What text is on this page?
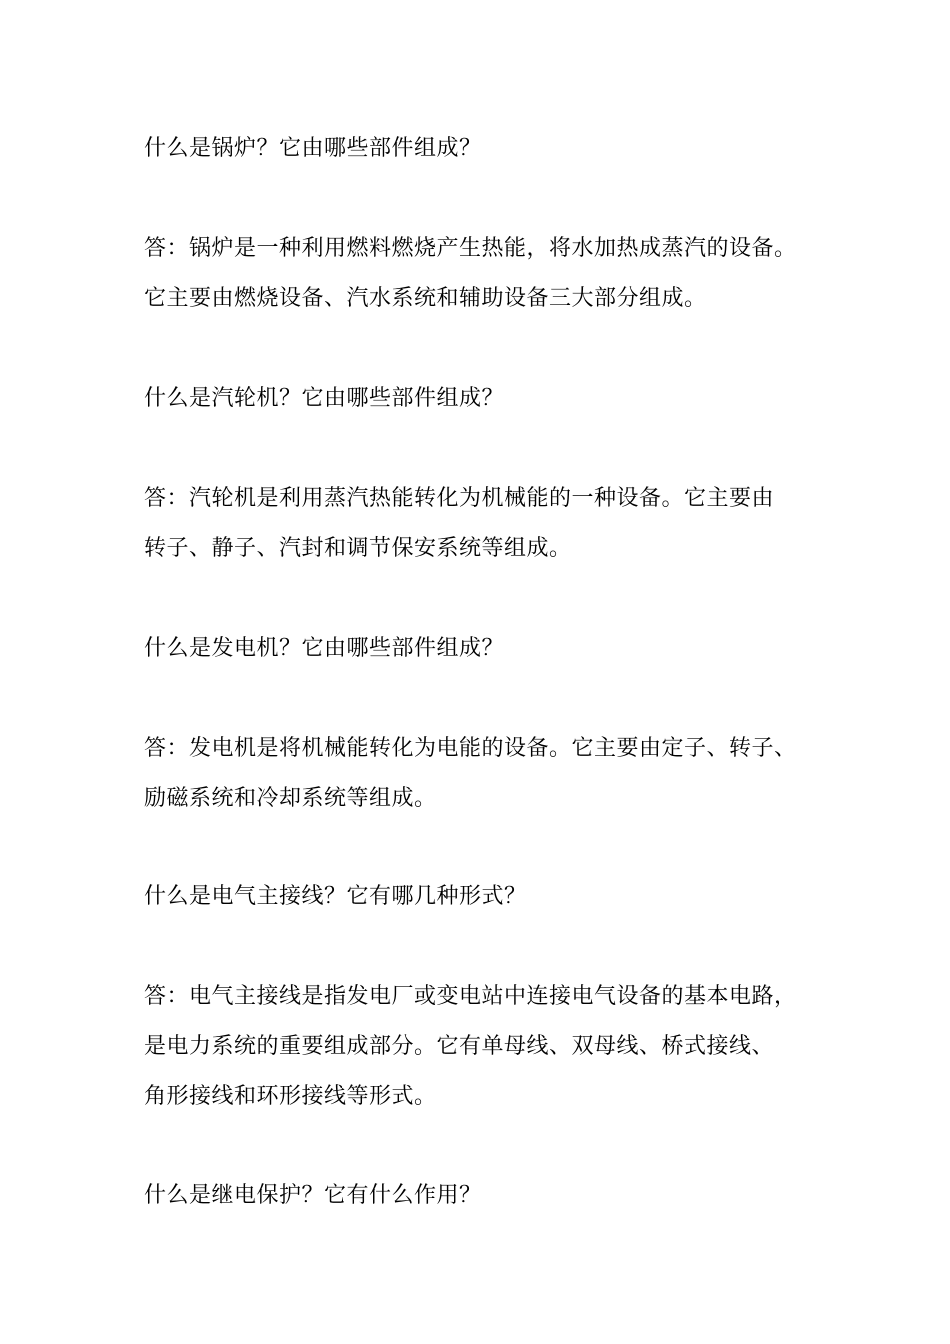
什么是锅炉？它由哪些部件组成？
答：锅炉是一种利用燃料燃烧产生热能，将水加热成蒸汽的设备。
它主要由燃烧设备、汽水系统和辅助设备三大部分组成。
什么是汽轮机？它由哪些部件组成？
答：汽轮机是利用蒸汽热能转化为机械能的一种设备。它主要由
转子、静子、汽封和调节保安系统等组成。
什么是发电机？它由哪些部件组成？
答：发电机是将机械能转化为电能的设备。它主要由定子、转子、
励磁系统和冷却系统等组成。
什么是电气主接线？它有哪几种形式？
答：电气主接线是指发电厂或变电站中连接电气设备的基本电路，
是电力系统的重要组成部分。它有单母线、双母线、桥式接线、
角形接线和环形接线等形式。
什么是继电保护？它有什么作用？
